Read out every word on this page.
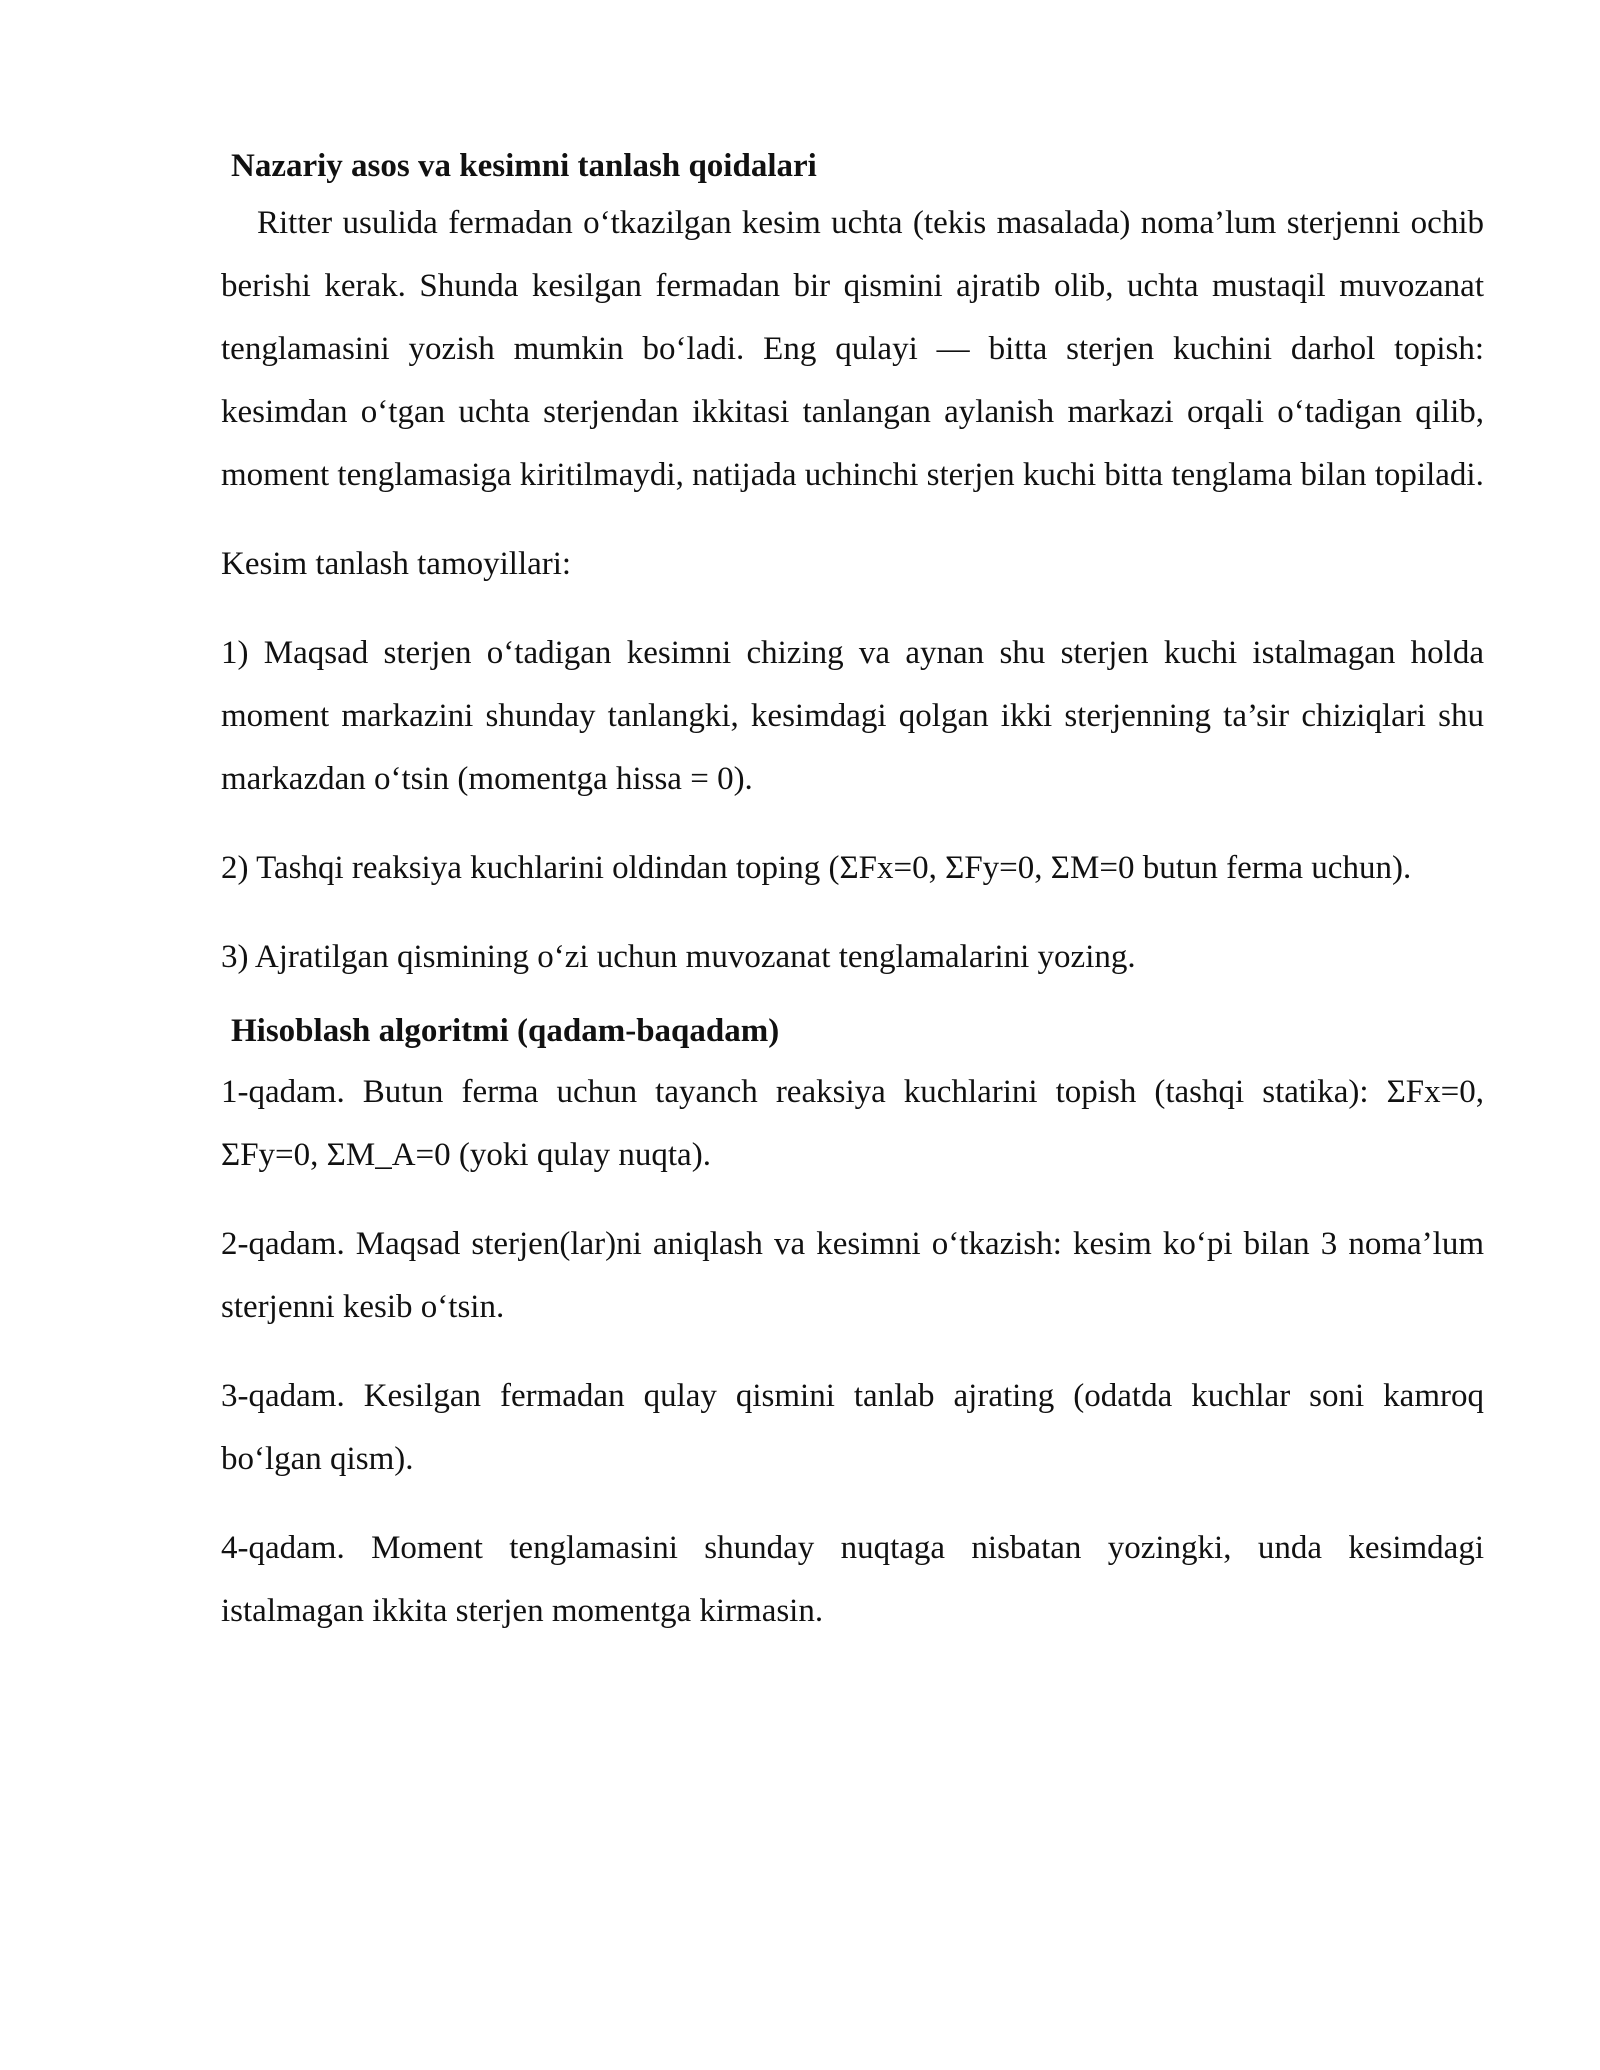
Nazariy asos va kesimni tanlash qoidalari

Ritter usulida fermadan o‘tkazilgan kesim uchta (tekis masalada) noma’lum sterjenni ochib berishi kerak. Shunda kesilgan fermadan bir qismini ajratib olib, uchta mustaqil muvozanat tenglamasini yozish mumkin bo‘ladi. Eng qulayi — bitta sterjen kuchini darhol topish: kesimdan o‘tgan uchta sterjendan ikkitasi tanlangan aylanish markazi orqali o‘tadigan qilib, moment tenglamasiga kiritilmaydi, natijada uchinchi sterjen kuchi bitta tenglama bilan topiladi.

Kesim tanlash tamoyillari:

1) Maqsad sterjen o‘tadigan kesimni chizing va aynan shu sterjen kuchi istalmagan holda moment markazini shunday tanlangki, kesimdagi qolgan ikki sterjenning ta’sir chiziqlari shu markazdan o‘tsin (momentga hissa = 0).

2) Tashqi reaksiya kuchlarini oldindan toping (ΣFx=0, ΣFy=0, ΣM=0 butun ferma uchun).

3) Ajratilgan qismining o‘zi uchun muvozanat tenglamalarini yozing.

Hisoblash algoritmi (qadam-baqadam)

1-qadam. Butun ferma uchun tayanch reaksiya kuchlarini topish (tashqi statika): ΣFx=0, ΣFy=0, ΣM_A=0 (yoki qulay nuqta).

2-qadam. Maqsad sterjen(lar)ni aniqlash va kesimni o‘tkazish: kesim ko‘pi bilan 3 noma’lum sterjenni kesib o‘tsin.

3-qadam. Kesilgan fermadan qulay qismini tanlab ajrating (odatda kuchlar soni kamroq bo‘lgan qism).

4-qadam. Moment tenglamasini shunday nuqtaga nisbatan yozingki, unda kesimdagi istalmagan ikkita sterjen momentga kirmasin.
